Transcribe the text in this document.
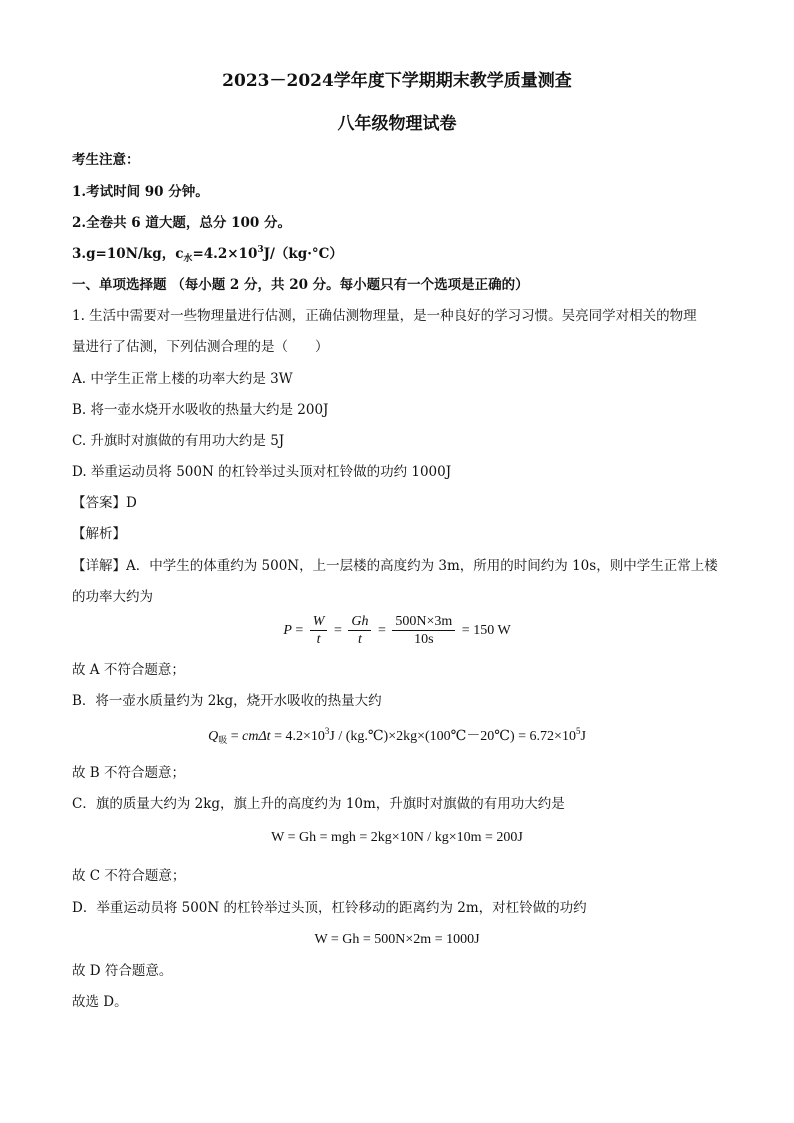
2023－2024学年度下学期期末教学质量测查
八年级物理试卷
考生注意：
1.考试时间 90 分钟。
2.全卷共 6 道大题，总分 100 分。
3.g=10N/kg，$c_水=4.2\times 10^3J/(kg\cdot^\circ C)$
一、单项选择题 （每小题 2 分，共 20 分。每小题只有一个选项是正确的）
1. 生活中需要对一些物理量进行估测，正确估测物理量，是一种良好的学习习惯。吴亮同学对相关的物理
量进行了估测，下列估测合理的是（　　）
A. 中学生正常上楼的功率大约是 3W
B. 将一壶水烧开水吸收的热量大约是 200J
C. 升旗时对旗做的有用功大约是 5J
D. 举重运动员将 500N 的杠铃举过头顶对杠铃做的功约 1000J
【答案】D
【解析】
【详解】A．中学生的体重约为 500N，上一层楼的高度约为 3m，所用的时间约为 10s，则中学生正常上楼
的功率大约为
$P = \frac{W}{t} = \frac{Gh}{t} = \frac{500N\times 3m}{10s} = 150$ W
故 A 不符合题意；
B．将一壶水质量约为 2kg，烧开水吸收的热量大约
$Q_吸 = cm\Delta t = 4.2\times 10^3J$ / (kg.℃)×2kg×(100℃－20℃) = $6.72\times 10^5J$
故 B 不符合题意；
C．旗的质量大约为 2kg，旗上升的高度约为 10m，升旗时对旗做的有用功大约是
W = Gh = mgh = 2kg×10N / kg×10m = 200J
故 C 不符合题意；
D．举重运动员将 500N 的杠铃举过头顶，杠铃移动的距离约为 2m，对杠铃做的功约
W = Gh = 500N×2m = 1000J
故 D 符合题意。
故选 D。
